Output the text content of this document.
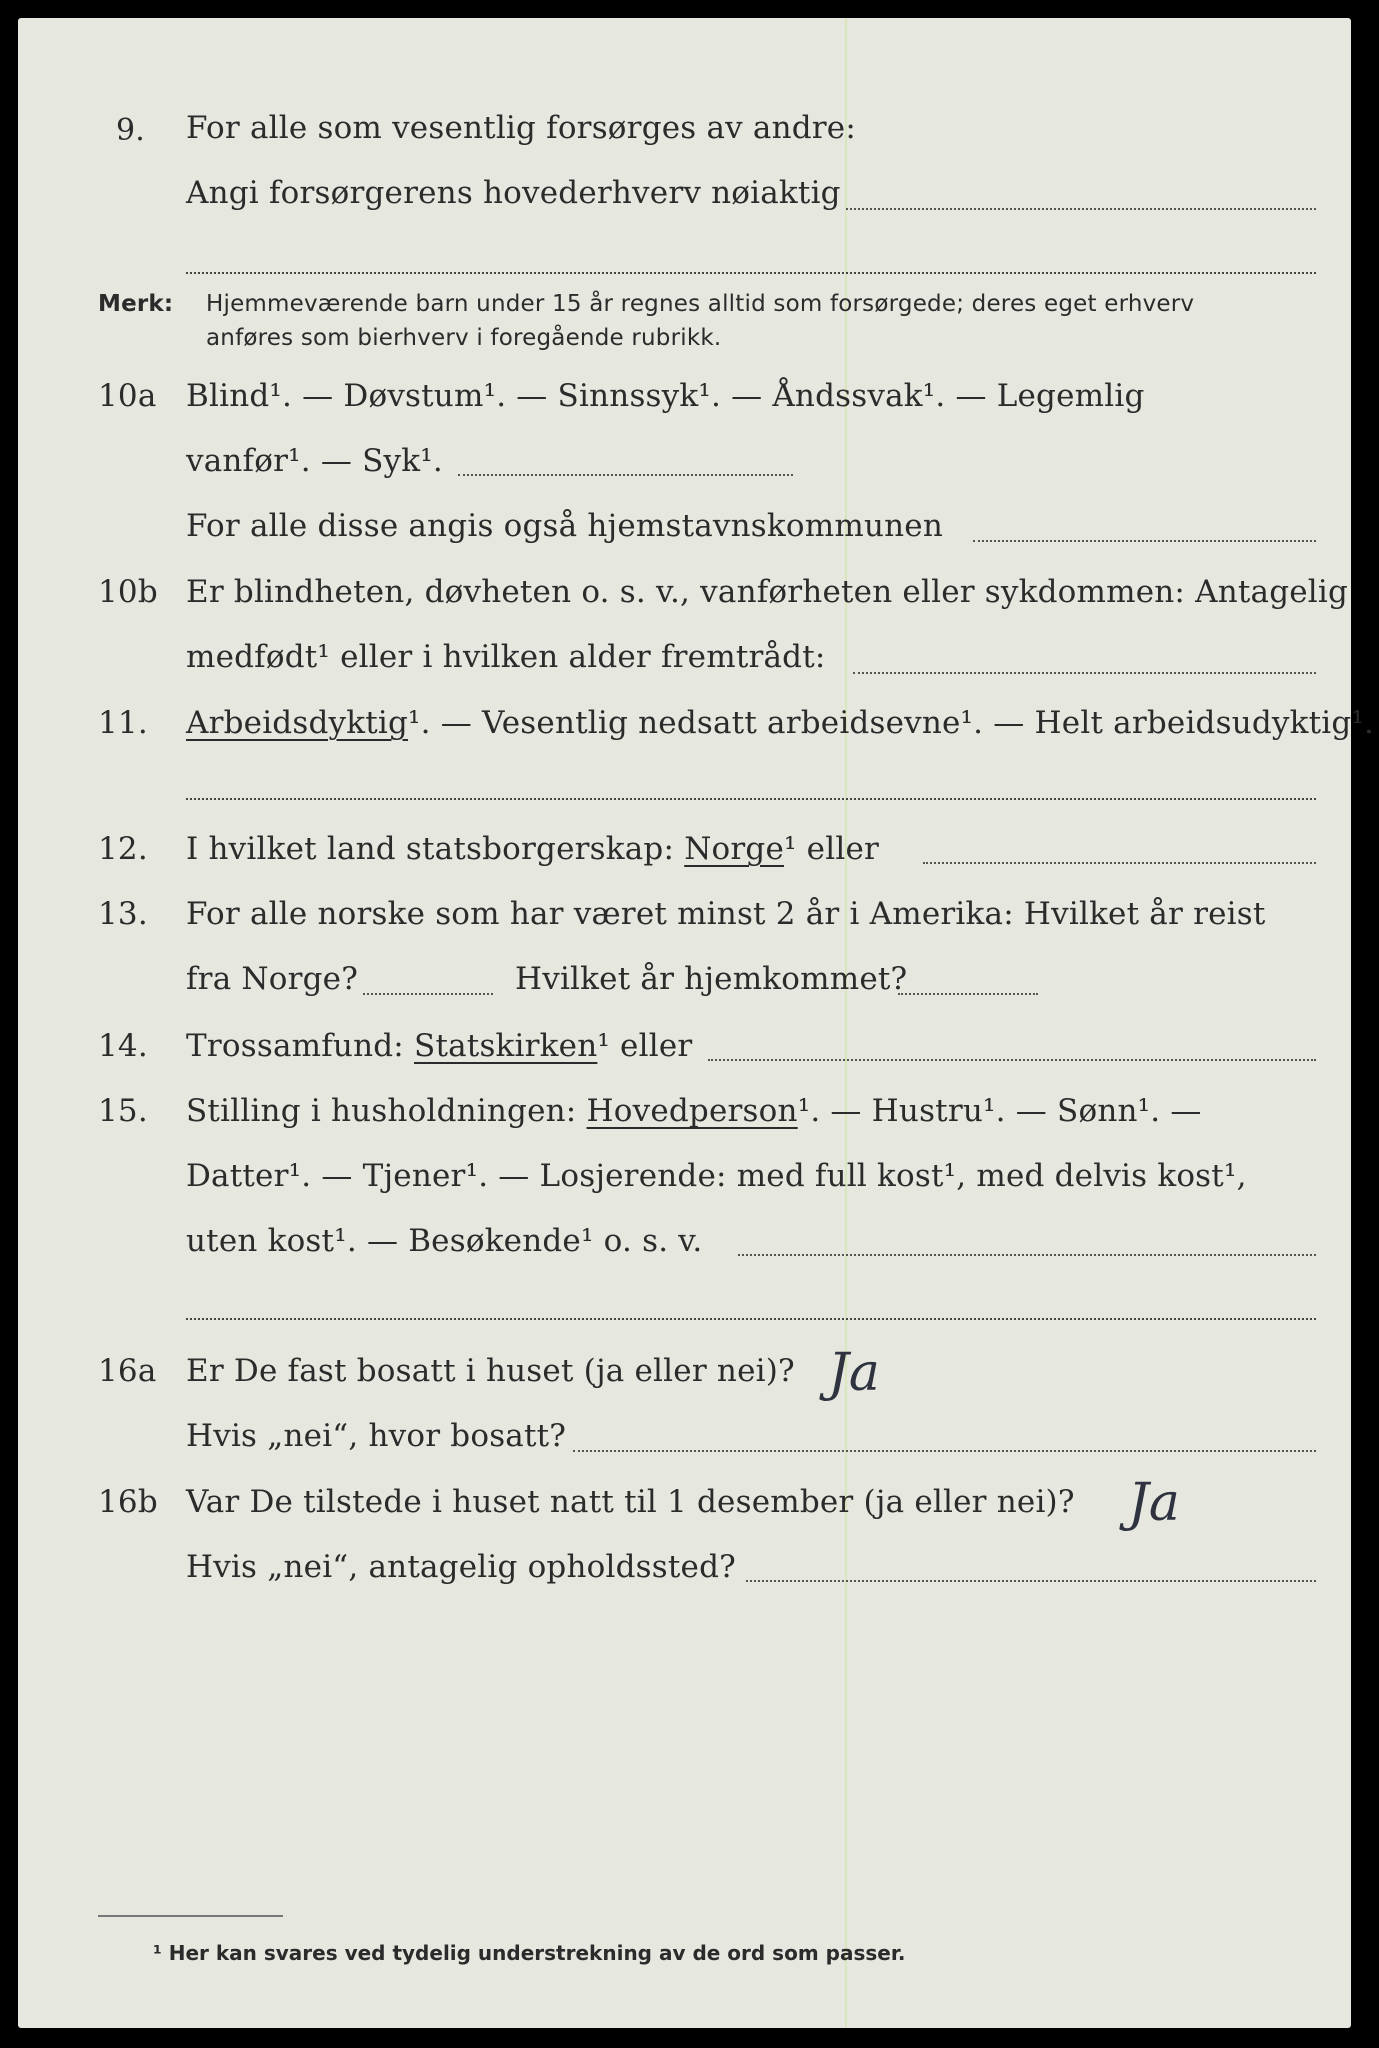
9. For alle som vesentlig forsørges av andre:
Angi forsørgerens hovederhverv nøiaktig
Merk: Hjemmeværende barn under 15 år regnes alltid som forsørgede; deres eget erhverv
anføres som bierhverv i foregående rubrikk.
10a Blind¹. — Døvstum¹. — Sinnssyk¹. — Åndssvak¹. — Legemlig
vanfør¹. — Syk¹.
For alle disse angis også hjemstavnskommunen
10b Er blindheten, døvheten o. s. v., vanførheten eller sykdommen: Antagelig
medfødt¹ eller i hvilken alder fremtrådt:
11. Arbeidsdyktig¹. — Vesentlig nedsatt arbeidsevne¹. — Helt arbeidsudyktig¹.
12. I hvilket land statsborgerskap: Norge¹ eller
13. For alle norske som har været minst 2 år i Amerika: Hvilket år reist
fra Norge?	Hvilket år hjemkommet?
14. Trossamfund: Statskirken¹ eller
15. Stilling i husholdningen: Hovedperson¹. — Hustru¹. — Sønn¹. —
Datter¹. — Tjener¹. — Losjerende: med full kost¹, med delvis kost¹,
uten kost¹. — Besøkende¹ o. s. v.
16a Er De fast bosatt i huset (ja eller nei)? Ja
Hvis „nei“, hvor bosatt?
16b Var De tilstede i huset natt til 1 desember (ja eller nei)? Ja
Hvis „nei“, antagelig opholdssted?
¹ Her kan svares ved tydelig understrekning av de ord som passer.
